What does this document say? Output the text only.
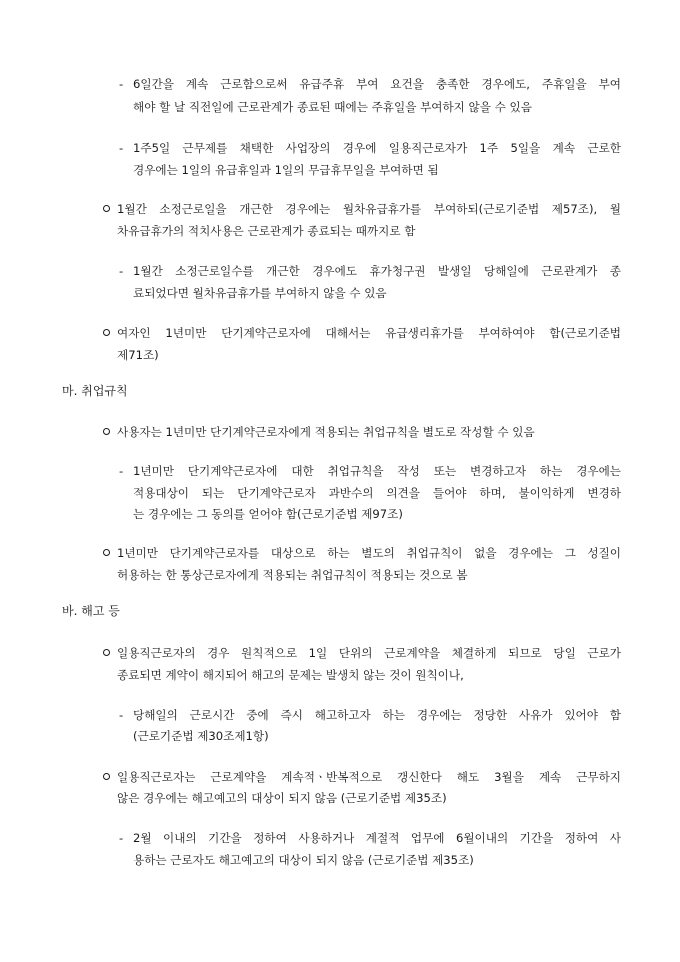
- 6일간을 계속 근로함으로써 유급주휴 부여 요건을 충족한 경우에도, 주휴일을 부여
해야 할 날 직전일에 근로관계가 종료된 때에는 주휴일을 부여하지 않을 수 있음
- 1주5일 근무제를 채택한 사업장의 경우에 일용직근로자가 1주 5일을 계속 근로한
경우에는 1일의 유급휴일과 1일의 무급휴무일을 부여하면 됨
1월간 소정근로일을 개근한 경우에는 월차유급휴가를 부여하되(근로기준법 제57조), 월
차유급휴가의 적치사용은 근로관계가 종료되는 때까지로 함
- 1월간 소정근로일수를 개근한 경우에도 휴가청구권 발생일 당해일에 근로관계가 종
료되었다면 월차유급휴가를 부여하지 않을 수 있음
여자인 1년미만 단기계약근로자에 대해서는 유급생리휴가를 부여하여야 함(근로기준법
제71조)
마. 취업규칙
사용자는 1년미만 단기계약근로자에게 적용되는 취업규칙을 별도로 작성할 수 있음
- 1년미만 단기계약근로자에 대한 취업규칙을 작성 또는 변경하고자 하는 경우에는
적용대상이 되는 단기계약근로자 과반수의 의견을 들어야 하며, 불이익하게 변경하
는 경우에는 그 동의를 얻어야 함(근로기준법 제97조)
1년미만 단기계약근로자를 대상으로 하는 별도의 취업규칙이 없을 경우에는 그 성질이
허용하는 한 통상근로자에게 적용되는 취업규칙이 적용되는 것으로 봄
바. 해고 등
일용직근로자의 경우 원칙적으로 1일 단위의 근로계약을 체결하게 되므로 당일 근로가
종료되면 계약이 해지되어 해고의 문제는 발생치 않는 것이 원칙이나,
- 당해일의 근로시간 중에 즉시 해고하고자 하는 경우에는 정당한 사유가 있어야 함
(근로기준법 제30조제1항)
일용직근로자는 근로계약을 계속적ㆍ반복적으로 갱신한다 해도 3월을 계속 근무하지
않은 경우에는 해고예고의 대상이 되지 않음 (근로기준법 제35조)
- 2월 이내의 기간을 정하여 사용하거나 계절적 업무에 6월이내의 기간을 정하여 사
용하는 근로자도 해고예고의 대상이 되지 않음 (근로기준법 제35조)
